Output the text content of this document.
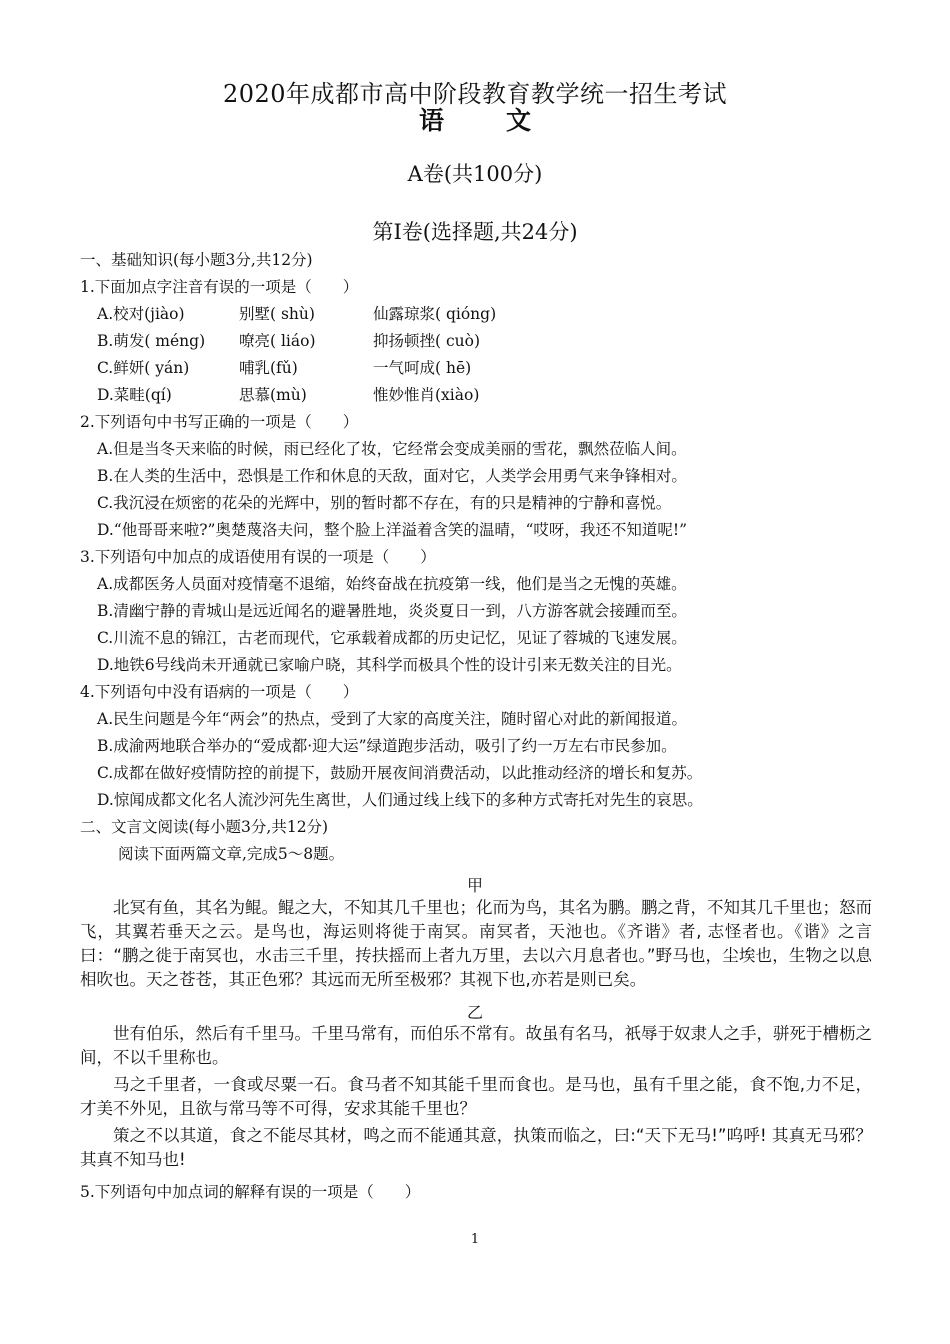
2020年成都市高中阶段教育教学统一招生考试
语 文
A卷(共100分)
第Ⅰ卷(选择题,共24分)
一、基础知识(每小题3分,共12分)
1.下面加点字注音有误的一项是（　　）
A.校对(jiào)	别墅( shù)	仙露琼浆( qióng)
B.萌发( méng) 嘹亮( liáo)	抑扬顿挫( cuò)
C.鲜妍( yán)	哺乳(fǔ)	一气呵成( hē)
D.菜畦(qí)	思慕(mù)	惟妙惟肖(xiào)
2.下列语句中书写正确的一项是（　　）
A.但是当冬天来临的时候，雨已经化了妆，它经常会变成美丽的雪花，飘然莅临人间。
B.在人类的生活中，恐惧是工作和休息的天敌，面对它，人类学会用勇气来争锋相对。
C.我沉浸在烦密的花朵的光辉中，别的暂时都不存在，有的只是精神的宁静和喜悦。
D.“他哥哥来啦?”奥楚蔑洛夫问，整个脸上洋溢着含笑的温晴，“哎呀，我还不知道呢!”
3.下列语句中加点的成语使用有误的一项是（　　）
A.成都医务人员面对疫情毫不退缩，始终奋战在抗疫第一线，他们是当之无愧的英雄。
B.清幽宁静的青城山是远近闻名的避暑胜地，炎炎夏日一到，八方游客就会接踵而至。
C.川流不息的锦江，古老而现代，它承载着成都的历史记忆，见证了蓉城的飞速发展。
D.地铁6号线尚未开通就已家喻户晓，其科学而极具个性的设计引来无数关注的目光。
4.下列语句中没有语病的一项是（　　）
A.民生问题是今年“两会”的热点，受到了大家的高度关注，随时留心对此的新闻报道。
B.成渝两地联合举办的“爱成都·迎大运”绿道跑步活动，吸引了约一万左右市民参加。
C.成都在做好疫情防控的前提下，鼓励开展夜间消费活动，以此推动经济的增长和复苏。
D.惊闻成都文化名人流沙河先生离世，人们通过线上线下的多种方式寄托对先生的哀思。
二、文言文阅读(每小题3分,共12分)
阅读下面两篇文章,完成5～8题。
甲
北冥有鱼，其名为鲲。鲲之大，不知其几千里也；化而为鸟，其名为鹏。鹏之背，不知其几千里也；怒而飞，其翼若垂天之云。是鸟也，海运则将徙于南冥。南冥者，天池也。《齐谐》者, 志怪者也。《谐》之言曰：“鹏之徙于南冥也，水击三千里，抟扶摇而上者九万里，去以六月息者也。”野马也，尘埃也，生物之以息相吹也。天之苍苍，其正色邪？其远而无所至极邪？其视下也,亦若是则已矣。
乙
世有伯乐，然后有千里马。千里马常有，而伯乐不常有。故虽有名马，祇辱于奴隶人之手，骈死于槽枥之间，不以千里称也。
马之千里者，一食或尽粟一石。食马者不知其能千里而食也。是马也，虽有千里之能，食不饱,力不足，才美不外见，且欲与常马等不可得，安求其能千里也？
策之不以其道，食之不能尽其材，鸣之而不能通其意，执策而临之，曰:“天下无马!”呜呼! 其真无马邪？其真不知马也!
5.下列语句中加点词的解释有误的一项是（　　）
1
